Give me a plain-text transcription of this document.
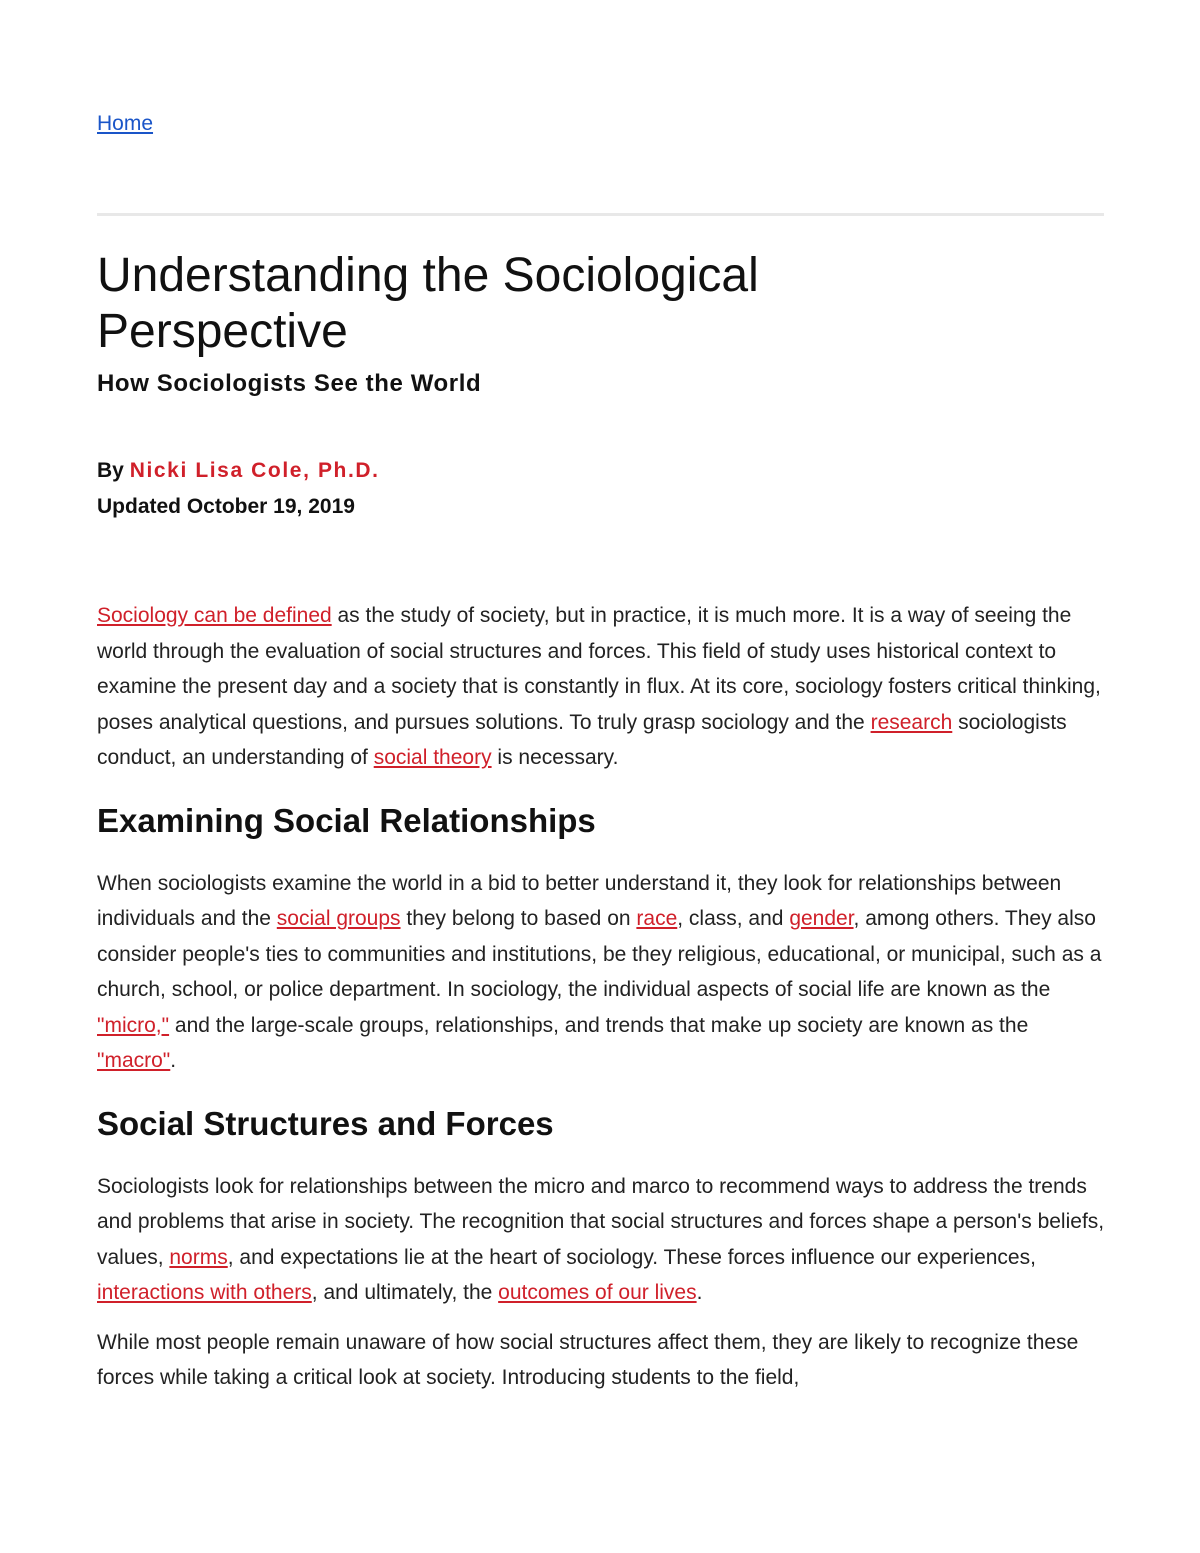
Home
Understanding the Sociological Perspective
How Sociologists See the World
By Nicki Lisa Cole, Ph.D.
Updated October 19, 2019

Sociology can be defined as the study of society, but in practice, it is much more. It is a way of seeing the world through the evaluation of social structures and forces. This field of study uses historical context to examine the present day and a society that is constantly in flux. At its core, sociology fosters critical thinking, poses analytical questions, and pursues solutions. To truly grasp sociology and the research sociologists conduct, an understanding of social theory is necessary.

Examining Social Relationships

When sociologists examine the world in a bid to better understand it, they look for relationships between individuals and the social groups they belong to based on race, class, and gender, among others. They also consider people's ties to communities and institutions, be they religious, educational, or municipal, such as a church, school, or police department. In sociology, the individual aspects of social life are known as the "micro," and the large-scale groups, relationships, and trends that make up society are known as the "macro".

Social Structures and Forces

Sociologists look for relationships between the micro and marco to recommend ways to address the trends and problems that arise in society. The recognition that social structures and forces shape a person's beliefs, values, norms, and expectations lie at the heart of sociology. These forces influence our experiences, interactions with others, and ultimately, the outcomes of our lives.

While most people remain unaware of how social structures affect them, they are likely to recognize these forces while taking a critical look at society. Introducing students to the field,
